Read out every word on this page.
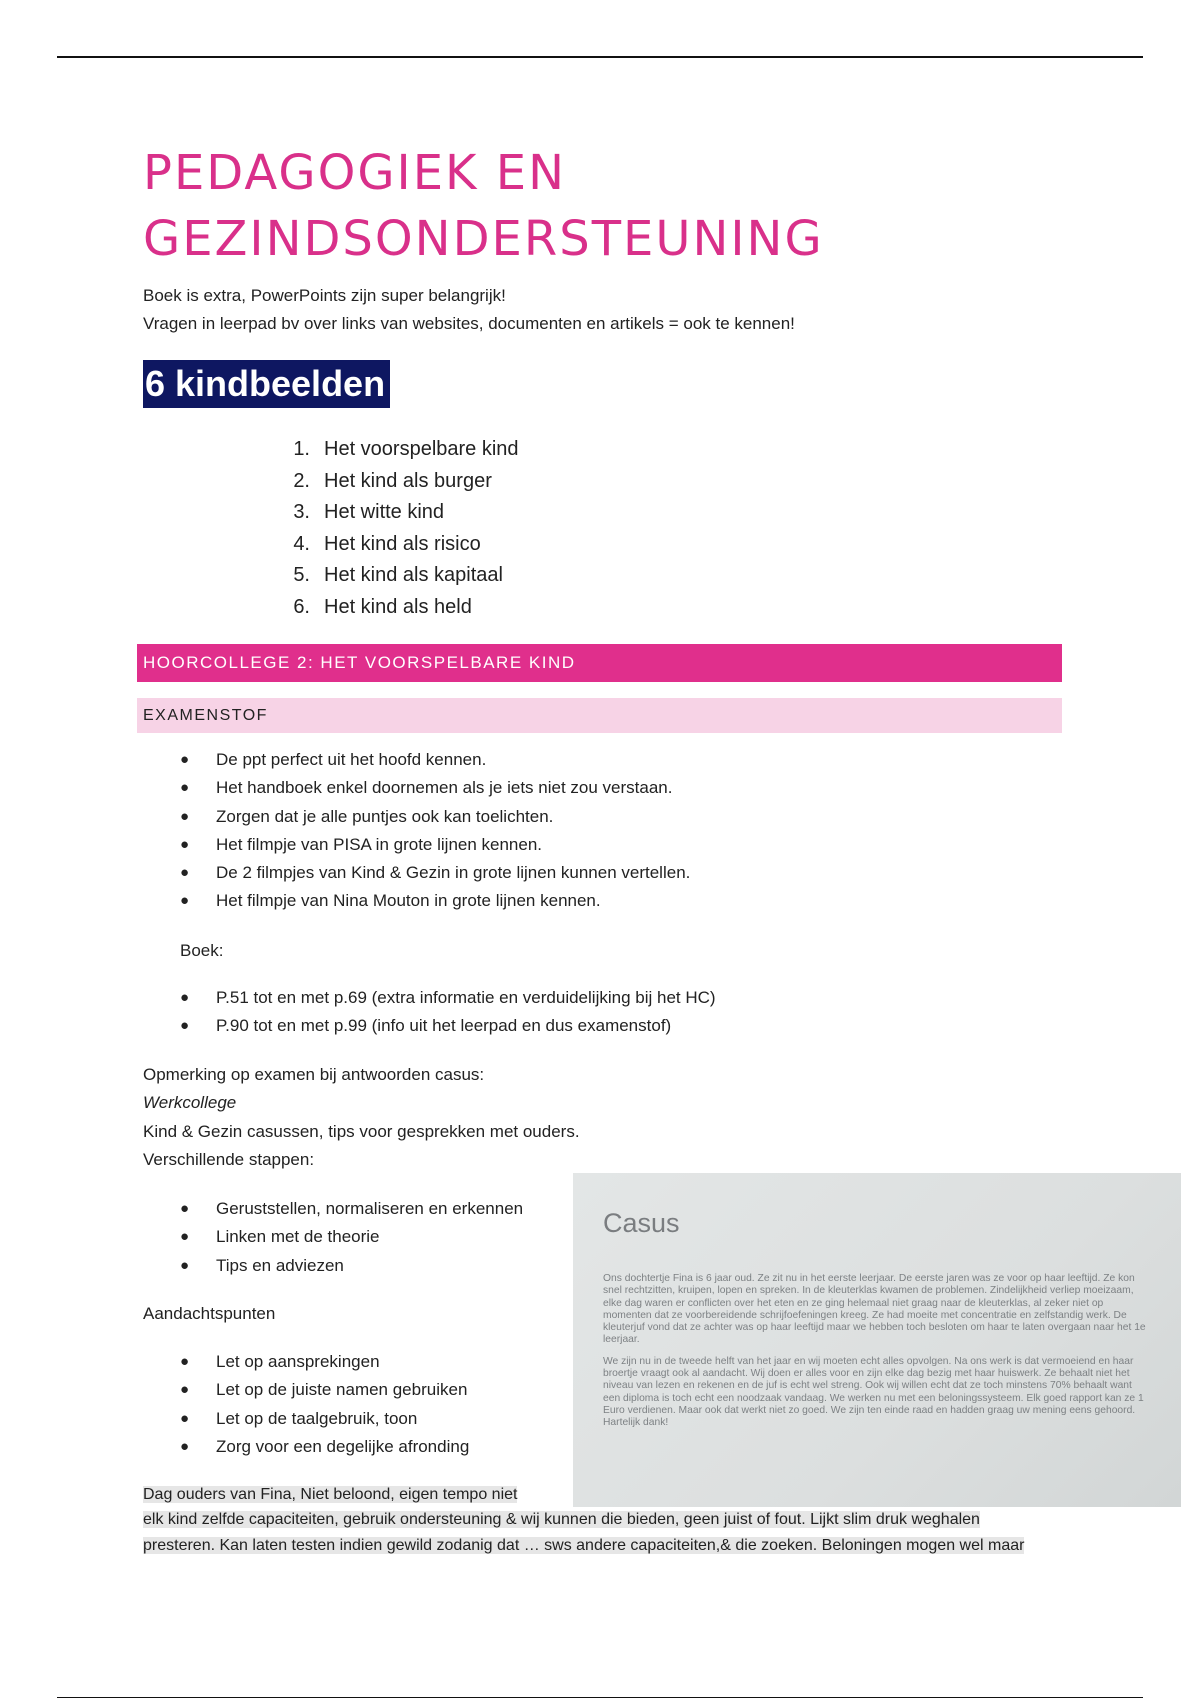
PEDAGOGIEK EN
GEZINDSONDERSTEUNING
Boek is extra, PowerPoints zijn super belangrijk!
Vragen in leerpad bv over links van websites, documenten en artikels = ook te kennen!
6 kindbeelden
1. Het voorspelbare kind
2. Het kind als burger
3. Het witte kind
4. Het kind als risico
5. Het kind als kapitaal
6. Het kind als held
HOORCOLLEGE 2: HET VOORSPELBARE KIND
EXAMENSTOF
●	De ppt perfect uit het hoofd kennen.
●	Het handboek enkel doornemen als je iets niet zou verstaan.
●	Zorgen dat je alle puntjes ook kan toelichten.
●	Het filmpje van PISA in grote lijnen kennen.
●	De 2 filmpjes van Kind & Gezin in grote lijnen kunnen vertellen.
●	Het filmpje van Nina Mouton in grote lijnen kennen.
Boek:
●	P.51 tot en met p.69 (extra informatie en verduidelijking bij het HC)
●	P.90 tot en met p.99 (info uit het leerpad en dus examenstof)
Opmerking op examen bij antwoorden casus:
Werkcollege
Kind & Gezin casussen, tips voor gesprekken met ouders.
Verschillende stappen:
●	Geruststellen, normaliseren en erkennen
●	Linken met de theorie
●	Tips en adviezen
Aandachtspunten
●	Let op aansprekingen
●	Let op de juiste namen gebruiken
●	Let op de taalgebruik, toon
●	Zorg voor een degelijke afronding
Casus

Ons dochtertje Fina is 6 jaar oud. Ze zit nu in het eerste leerjaar. De eerste jaren was ze voor op haar leeftijd. Ze kon snel rechtzitten, kruipen, lopen en spreken. In de kleuterklas kwamen de problemen. Zindelijkheid verliep moeizaam, elke dag waren er conflicten over het eten en ze ging helemaal niet graag naar de kleuterklas, al zeker niet op momenten dat ze voorbereidende schrijfoefeningen kreeg. Ze had moeite met concentratie en zelfstandig werk. De kleuterjuf vond dat ze achter was op haar leeftijd maar we hebben toch besloten om haar te laten overgaan naar het 1e leerjaar.

We zijn nu in de tweede helft van het jaar en wij moeten echt alles opvolgen. Na ons werk is dat vermoeiend en haar broertje vraagt ook al aandacht. Wij doen er alles voor en zijn elke dag bezig met haar huiswerk. Ze behaalt niet het niveau van lezen en rekenen en de juf is echt wel streng. Ook wij willen echt dat ze toch minstens 70% behaalt want een diploma is toch echt een noodzaak vandaag. We werken nu met een beloningssysteem. Elk goed rapport kan ze 1 Euro verdienen. Maar ook dat werkt niet zo goed. We zijn ten einde raad en hadden graag uw mening eens gehoord. Hartelijk dank!

Dag ouders van Fina, Niet beloond, eigen tempo niet
elk kind zelfde capaciteiten, gebruik ondersteuning & wij kunnen die bieden, geen juist of fout. Lijkt slim druk weghalen
presteren. Kan laten testen indien gewild zodanig dat … sws andere capaciteiten,& die zoeken. Beloningen mogen wel maar
